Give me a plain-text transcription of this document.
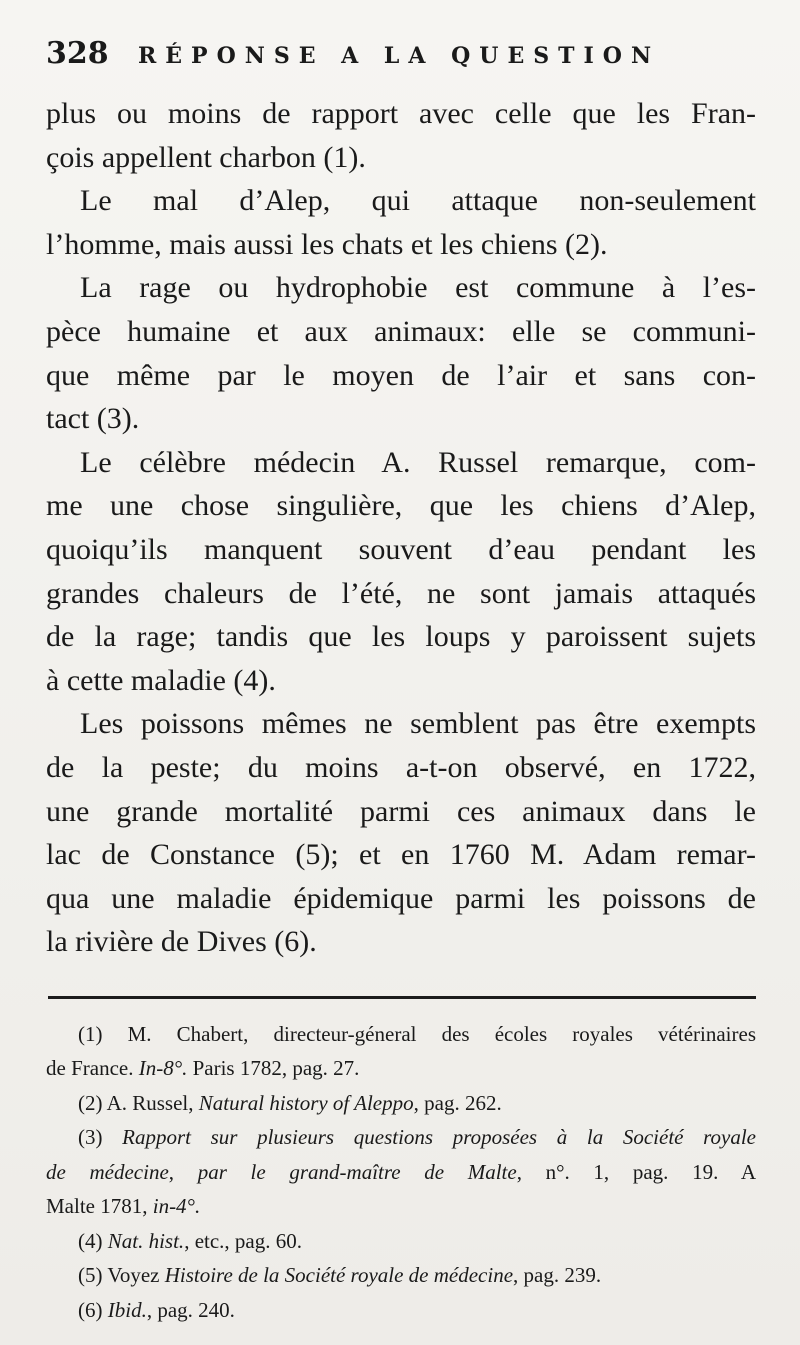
328	RÉPONSE A LA QUESTION
plus ou moins de rapport avec celle que les Fran-
çois appellent charbon (1).
Le mal d’Alep, qui attaque non-seulement
l’homme, mais aussi les chats et les chiens (2).
La rage ou hydrophobie est commune à l’es-
pèce humaine et aux animaux: elle se communi-
que même par le moyen de l’air et sans con-
tact (3).
Le célèbre médecin A. Russel remarque, com-
me une chose singulière, que les chiens d’Alep,
quoiqu’ils manquent souvent d’eau pendant les
grandes chaleurs de l’été, ne sont jamais attaqués
de la rage; tandis que les loups y paroissent sujets
à cette maladie (4).
Les poissons mêmes ne semblent pas être exempts
de la peste; du moins a-t-on observé, en 1722,
une grande mortalité parmi ces animaux dans le
lac de Constance (5); et en 1760 M. Adam remar-
qua une maladie épidemique parmi les poissons de
la rivière de Dives (6).
(1) M. Chabert, directeur-géneral des écoles royales vétérinaires
de France. In-8°. Paris 1782, pag. 27.
(2) A. Russel, Natural history of Aleppo, pag. 262.
(3) Rapport sur plusieurs questions proposées à la Société royale
de médecine, par le grand-maître de Malte, n°. 1, pag. 19. A
Malte 1781, in-4°.
(4) Nat. hist., etc., pag. 60.
(5) Voyez Histoire de la Société royale de médecine, pag. 239.
(6) Ibid., pag. 240.
